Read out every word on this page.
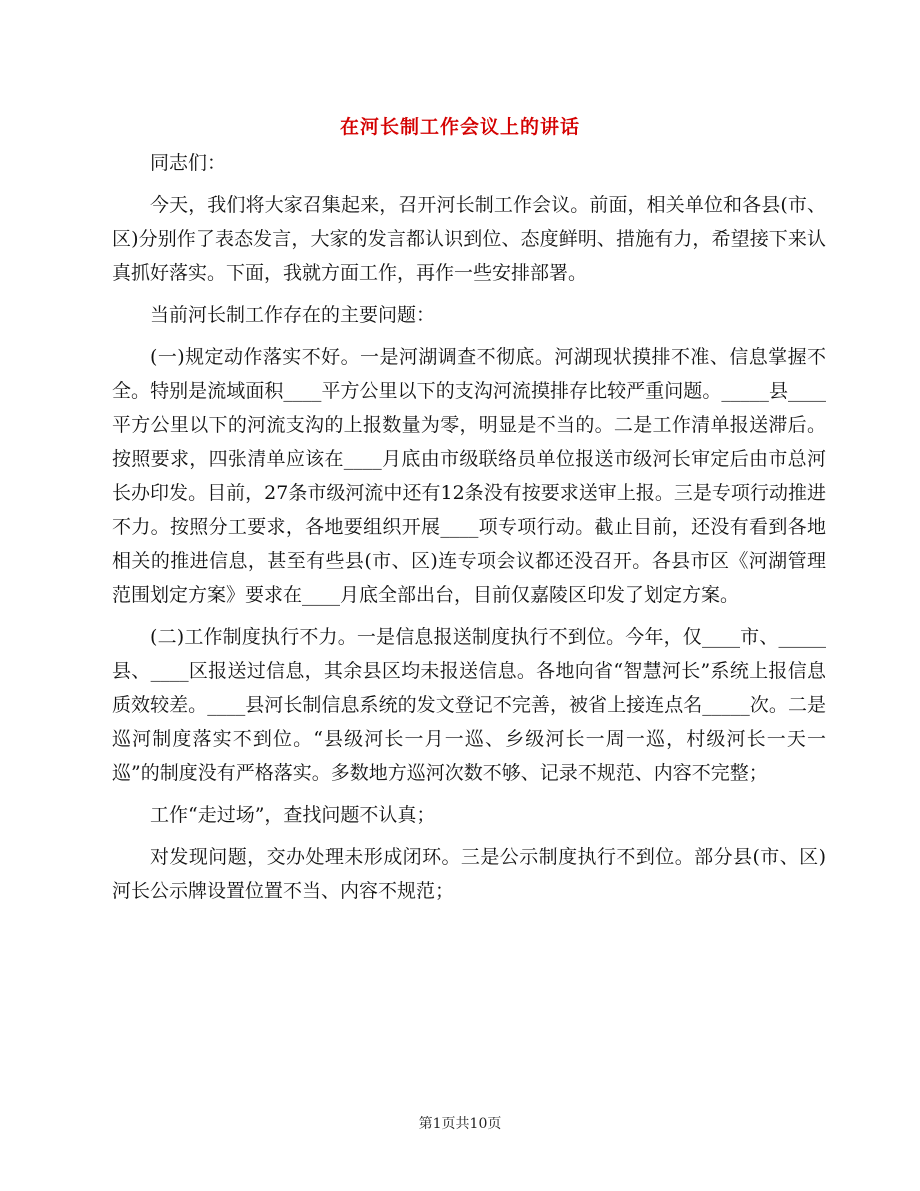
在河长制工作会议上的讲话

同志们：

今天，我们将大家召集起来，召开河长制工作会议。前面，相关单位和各县(市、区)分别作了表态发言，大家的发言都认识到位、态度鲜明、措施有力，希望接下来认真抓好落实。下面，我就方面工作，再作一些安排部署。

当前河长制工作存在的主要问题：

(一)规定动作落实不好。一是河湖调查不彻底。河湖现状摸排不准、信息掌握不全。特别是流域面积____平方公里以下的支沟河流摸排存比较严重问题。_____县____平方公里以下的河流支沟的上报数量为零，明显是不当的。二是工作清单报送滞后。按照要求，四张清单应该在____月底由市级联络员单位报送市级河长审定后由市总河长办印发。目前，27条市级河流中还有12条没有按要求送审上报。三是专项行动推进不力。按照分工要求，各地要组织开展____项专项行动。截止目前，还没有看到各地相关的推进信息，甚至有些县(市、区)连专项会议都还没召开。各县市区《河湖管理范围划定方案》要求在____月底全部出台，目前仅嘉陵区印发了划定方案。

(二)工作制度执行不力。一是信息报送制度执行不到位。今年，仅____市、_____县、____区报送过信息，其余县区均未报送信息。各地向省“智慧河长”系统上报信息质效较差。____县河长制信息系统的发文登记不完善，被省上接连点名_____次。二是巡河制度落实不到位。“县级河长一月一巡、乡级河长一周一巡，村级河长一天一巡”的制度没有严格落实。多数地方巡河次数不够、记录不规范、内容不完整；

工作“走过场”，查找问题不认真；

对发现问题，交办处理未形成闭环。三是公示制度执行不到位。部分县(市、区)河长公示牌设置位置不当、内容不规范；

第1页共10页
